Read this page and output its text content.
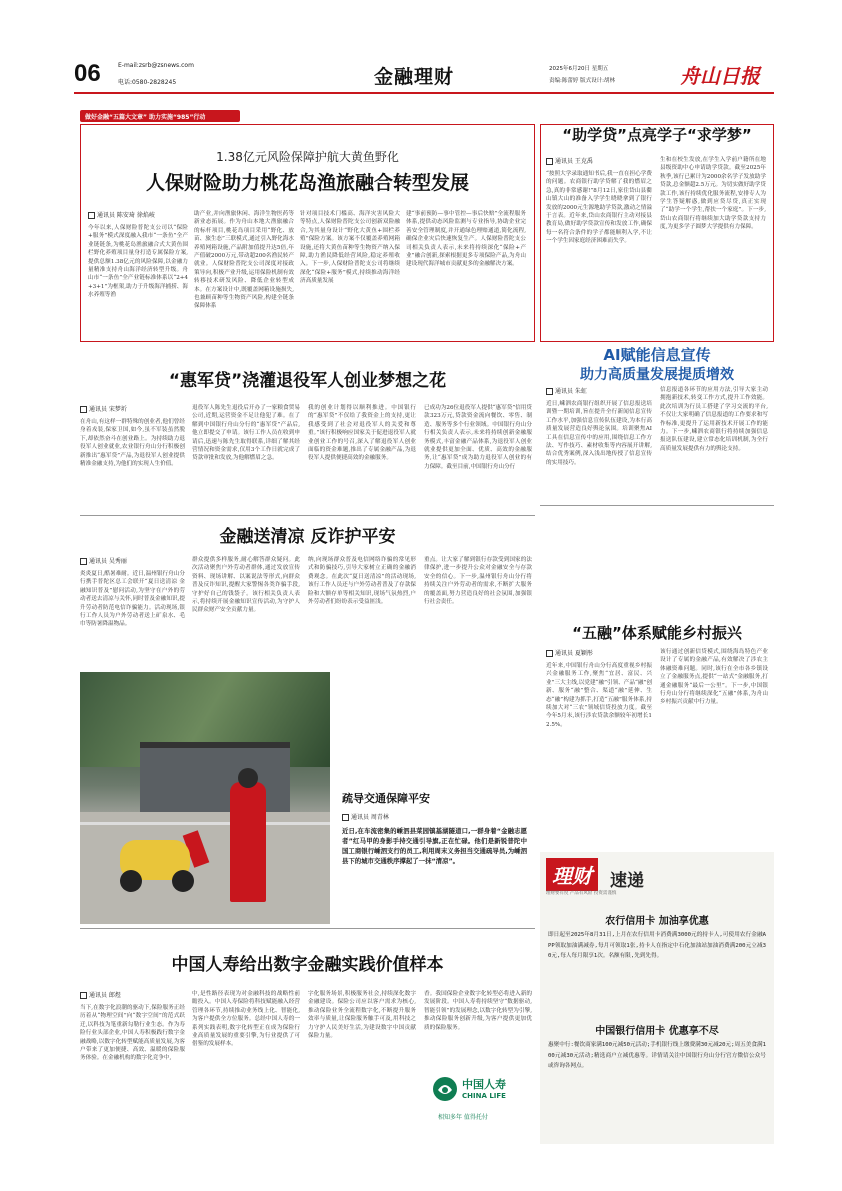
06	E-mail:zsrb@zsnews.com
电话:0580-2828245	金融理财	2025年6月20日 星期五
责编:陈蕾婷 版式设计:胡林	舟山日报
做好金融“五篇大文章” 助力实施“985”行动
1.38亿元风险保障护航大黄鱼野化
人保财险助力桃花岛渔旅融合转型发展
通讯员 陈安琦 徐焰岐
今年以来,人保财险普陀支公司以“保险+服务”模式深度融入我市“一条鱼”全产业链链条,为桃花岛渔旅融合式大黄鱼围栏野化养殖项目量身打造专属保险方案,提供总额1.38亿元的风险保障,以金融力量精准支持舟山海洋经济转型升级。舟山市“一条鱼”全产业链标准体系以“2+4+3+1”为框架,助力于升级海洋捕捞、海水养殖等渔
助产业,并向渔旅休闲、海洋生物医药等新业态拓展。作为舟山本地大渔旅融合的标杆项目,桃花岛项目采用“野化、放苗、旅生态”三联模式,通过引入野化海水养殖网箱设施,产品附加值提升达5倍,年产值破2000万元,带动超200名渔民转产就业。人保财险普陀支公司深度对接政策导向,积极产业升级,运用保险机制有效转移技术研发风险、降低企业转型成本。在方案设计中,既覆盖网箱设施损失,也兼顾苗种等生物资产风险,构建全链条保障体系
针对项目技术门槛高、海洋灾害风险大等特点,人保财险普陀支公司创新双险融合,为其量身设计“野化大黄鱼+围栏养殖”保险方案。该方案不仅覆盖养殖网箱设施,还将大黄鱼苗种等生物资产纳入保障,助力渔民降低经营风险,稳定养殖收入。下一步,人保财险普陀支公司将继续深化“保险+服务”模式,持续推动海洋经济高质量发展
建“事前预防—事中管控—事后快赔”全流程服务体系,提供动态风险监测与专业指导,协助企业完善安全管理制度,并开通绿色理赔通道,简化流程,确保企业灾后快速恢复生产。人保财险普陀支公司相关负责人表示,未来将持续深化“保险+产业”融合创新,探索根据更多专项保险产品,为舟山建设现代海洋城市贡献更多的金融解决方案。
“助学贷”点亮学子“求学梦”
通讯员 王克禹
“按照大学录取通知书后,我一直在担心学费的问题。农商银行助学贷解了我的燃眉之急,真的非常感谢!”8月12日,家住岱山县衢山镇大山的准备入学学生晓晓拿到了银行发放的2000元生源地助学贷款,激动之情溢于言表。近年来,岱山农商银行主动对接县教育局,做好助学贷款宣传和发放工作,确保每一名符合条件的学子都能顺利入学,不让一个学生因家庭经济困难而失学。
生和在校生发放,在学生入学前户籍所在地县级资助中心申请助学贷款。截至2025年秋季,该行已累计为2000余名学子发放助学贷款,总金额超2.5万元。为切实做好助学贷款工作,该行持续优化服务流程,安排专人为学生答疑解惑,做到应贷尽贷,真正实现了“助学一个学生,帮扶一个家庭”。下一步,岱山农商银行将继续加大助学贷款支持力度,为更多学子圆梦大学提供有力保障。
“惠军贷”浇灌退役军人创业梦想之花
通讯员 宋梦圻
在舟山,有这样一群特殊的创业者,他们曾经身着戎装,保家卫国,如今,虽不军装虽然脱下,却依然奋斗在创业路上。为持续助力退役军人创业就业,农业银行舟山分行积极创新推出“惠军贷”产品,为退役军人创业提供精准金融支持,为他们的实现人生价值。
退役军人陈先生退役后开办了一家粮食贸易公司,近期,运营资金不足让他犯了难。在了解到中国银行舟山分行的“惠军贷”产品后,他立即提交了申请。该行工作人员在收到申请后,迅速与陈先生取得联系,详细了解其经营情况和资金需求,仅用3个工作日就完成了贷款审批和发放,为他解燃眉之急。
我的创业计划得以顺利推进。中国银行的“惠军贷”不仅给了我资金上的支持,更让我感受到了社会对退役军人的关爱和尊重。”该行积极响应国家关于促进退役军人就业创业工作的号召,深入了解退役军人创业面临的资金难题,推出了专属金融产品,为退役军人提供便捷高效的金融服务。
已成功为26位退役军人提供“惠军贷”信用贷款323万元,贷款资金流向餐饮、零售、制造、服务等多个行业领域。中国银行舟山分行相关负责人表示,未来将持续创新金融服务模式,丰富金融产品体系,为退役军人创业就业提供更加全面、优质、高效的金融服务,让“惠军贷”成为助力退役军人创业的有力保障。截至目前,中国银行舟山分行
AI赋能信息宣传
助力高质量发展提质增效
通讯员 朱虹
近日,嵊泗农商银行组织开展了信息报送培训暨一期培训,旨在提升全行新闻信息宣传工作水平,加强信息宣传队伍建设,为本行高质量发展营造良好舆论氛围。培训聚焦AI工具在信息宣传中的应用,围绕信息工作方法、写作技巧、素材收集等内容展开讲解,结合优秀案例,深入浅出地传授了信息宣传的实用技巧。
信息报道各环节的应用方法,引导大家主动拥抱新技术,转变工作方式,提升工作效能。此次培训为行员工搭建了学习交流的平台,不仅让大家明确了信息报道的工作要求和写作标准,更提升了运用新技术开展工作的能力。下一步,嵊泗农商银行将持续加强信息报送队伍建设,建立常态化培训机制,为全行高质量发展提供有力的舆论支持。
金融送清凉 反诈护平安
通讯员 吴秀丽
炎炎夏日,酷暑难耐。近日,温州银行舟山分行携手普陀区总工会联开“夏日送清凉 金融知识普及”慰问活动,为坚守在户外的劳动者送去清凉与关怀,同时普及金融知识,提升劳动者防范电信诈骗能力。活动现场,银行工作人员为户外劳动者送上矿泉水、毛巾等防暑降温物品。
群众提供多样服务,耐心解答群众疑问。此次活动聚焦户外劳动者群体,通过发放宣传资料、现场讲解、以案说法等形式,向群众普及反诈知识,提醒大家警惕各类诈骗手段,守护好自己的钱袋子。该行相关负责人表示,将持续开展金融知识宣传活动,为守护人民群众财产安全贡献力量。
纳,向现场群众普及电信网络诈骗的常见形式和防骗技巧,引导大家树立正确的金融消费观念。在此次“夏日送清凉”的活动现场,该行工作人员还与户外劳动者普及了存款保险和大额存单等相关知识,现场气氛热烈,户外劳动者们纷纷表示受益匪浅。
重点。让大家了解到银行存款受到国家的法律保护,进一步提升公众对金融安全与存款安全的信心。下一步,温州银行舟山分行将持续关注户外劳动者的需求,不断扩大服务的覆盖面,努力营造良好的社会氛围,加强银行社会责任。
疏导交通保障平安
通讯员 周青林
近日,在车流密集的嵊泗县菜园镇基湖隧道口,一群身着“金融志愿者”红马甲的身影手持交通引导旗,正在忙碌。他们是新锐普陀中国工商银行嵊泗支行的员工,利用周末义务担当交通疏导员,为嵊泗县下的城市交通秩序撑起了一抹“清凉”。
“五融”体系赋能乡村振兴
通讯员 夏颖彤
近年来,中国银行舟山分行高度重视乡村振兴金融服务工作,聚焦“宜居、富民、兴业”三大主线,以党建“融”引领、产品“融”创新、服务“融”整合、渠道“融”延伸、生态“融”构建为抓手,打造“五融”服务体系,持续加大对“三农”领域信贷投放力度。截至今年5月末,该行涉农贷款余额较年初增长12.5%。
该行通过创新信贷模式,围绕海岛特色产业设计了专属的金融产品,有效解决了涉农主体融资难问题。同时,该行在全市各乡镇设立了金融服务点,提供“一站式”金融服务,打通金融服务“最后一公里”。下一步,中国银行舟山分行将继续深化“五融”体系,为舟山乡村振兴贡献中行力量。
理财	速递
理财要有度 产品有风险 投资需谨慎
农行信用卡 加油享优惠
即日起至2025年8月31日,上月在农行信用卡消费满3000元的持卡人,可使用农行金融APP领取加油满减券,每月可领取1张,持卡人在指定中石化加油站加油消费满200元立减30元,每人每月限享1次。名额有限,先到先得。
中国银行信用卡 优惠享不尽
惠聚中行:餐饮商家满100元减50元活动;手机银行线上缴费满30元减20元;周五美食满100元减30元活动;精选商户立减优惠等。详情请关注中国银行舟山分行官方微信公众号或咨询各网点。
中国人寿给出数字金融实践价值样本
通讯员 郎煜
当下,在数字化浪潮的驱动下,保险服务正经历着从“物理空间”向“数字空间”的范式跃迁,以科技为笔重新勾勒行业生态。作为寿险行业头部企业,中国人寿积极践行数字金融战略,以数字化转型赋能高质量发展,为客户带来了更加便捷、高效、温暖的保险服务体验。在金融机构的数字化竞争中,
中,是性路径表现为对金融科技的战略性前瞻投入。中国人寿保险将科技赋能融入经营管理各环节,持续推动业务线上化、智能化,为客户提供全方位服务。总经中国人寿的一系列实践表明,数字化转型正在成为保险行业高质量发展的重要引擎,为行业提供了可借鉴的发展样本。
字化服务场景,积极服务社会,持续深化数字金融建设。保险公司应以客户需求为核心,推动保险业务全流程数字化,不断提升服务效率与质量,让保险服务触手可及,用科技之力守护人民美好生活,为建设数字中国贡献保险力量。
香。我国保险企业数字化转型必将进入新的发展阶段。中国人寿将持续坚守“数据驱动,智能引领”的发展理念,以数字化转型为引擎,推动保险服务创新升级,为客户提供更加优质的保险服务。
中国人寿
CHINA LIFE
相知多年 值得托付
